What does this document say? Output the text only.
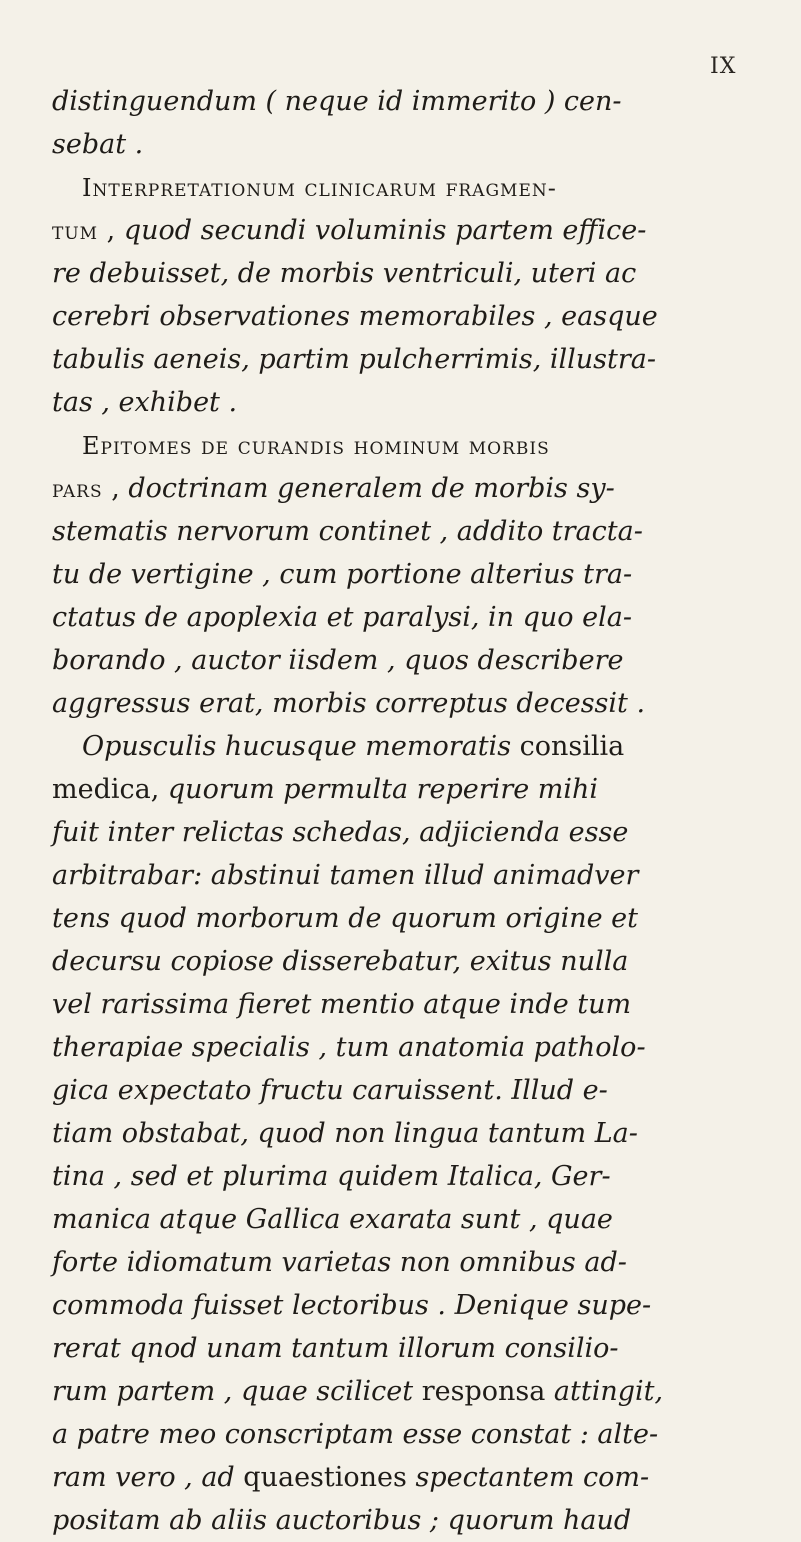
IX
distinguendum ( neque id immerito ) cen-
sebat .
Interpretationum clinicarum fragmen-
tum , quod secundi voluminis partem effice-
re debuisset, de morbis ventriculi, uteri ac
cerebri observationes memorabiles , easque
tabulis aeneis, partim pulcherrimis, illustra-
tas , exhibet .
Epitomes de curandis hominum morbis
pars , doctrinam generalem de morbis sy-
stematis nervorum continet , addito tracta-
tu de vertigine , cum portione alterius tra-
ctatus de apoplexia et paralysi, in quo ela-
borando , auctor iisdem , quos describere
aggressus erat, morbis correptus decessit .
Opusculis hucusque memoratis consilia
medica, quorum permulta reperire mihi
fuit inter relictas schedas, adjicienda esse
arbitrabar: abstinui tamen illud animadver
tens quod morborum de quorum origine et
decursu copiose disserebatur, exitus nulla
vel rarissima fieret mentio atque inde tum
therapiae specialis , tum anatomia patholo-
gica expectato fructu caruissent. Illud e-
tiam obstabat, quod non lingua tantum La-
tina , sed et plurima quidem Italica, Ger-
manica atque Gallica exarata sunt , quae
forte idiomatum varietas non omnibus ad-
commoda fuisset lectoribus . Denique supe-
rerat qnod unam tantum illorum consilio-
rum partem , quae scilicet responsa attingit,
a patre meo conscriptam esse constat : alte-
ram vero , ad quaestiones spectantem com-
positam ab aliis auctoribus ; quorum haud
